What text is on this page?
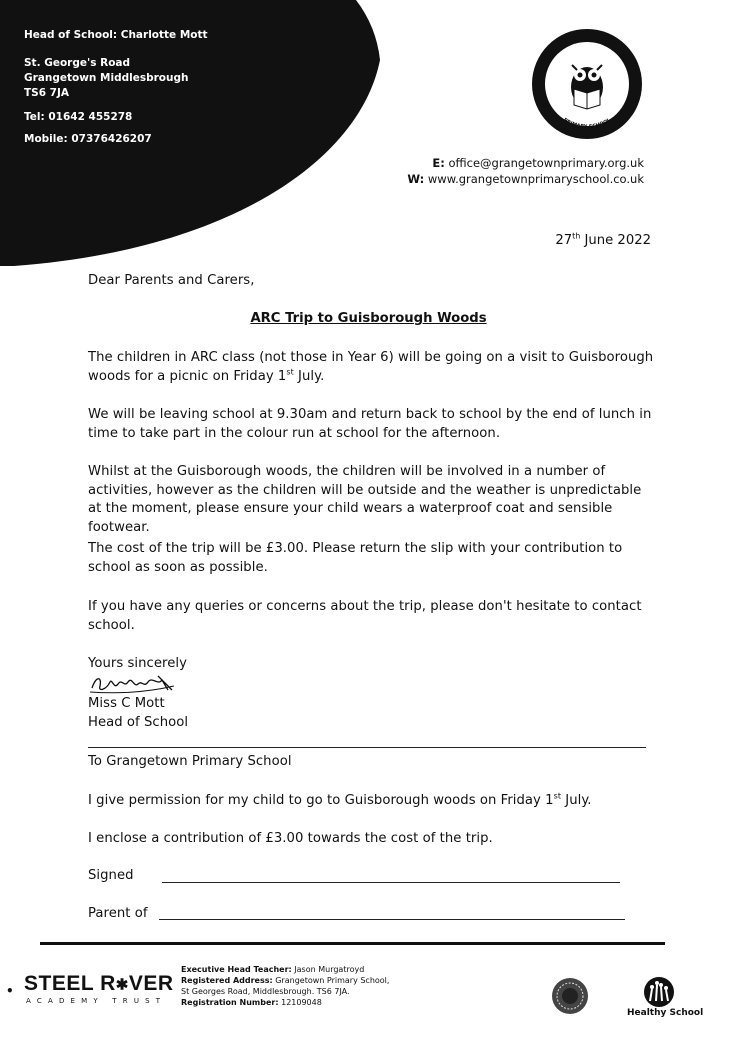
Head of School: Charlotte Mott
St. George's Road
Grangetown Middlesbrough
TS6 7JA
Tel: 01642 455278
Mobile: 07376426207
GRANGETOWN
PRIMARY SCHOOL
E: office@grangetownprimary.org.uk
W: www.grangetownprimaryschool.co.uk
27th June 2022
Dear Parents and Carers,
ARC Trip to Guisborough Woods
The children in ARC class (not those in Year 6) will be going on a visit to Guisborough woods for a picnic on Friday 1st July.
We will be leaving school at 9.30am and return back to school by the end of lunch in time to take part in the colour run at school for the afternoon.
Whilst at the Guisborough woods, the children will be involved in a number of activities, however as the children will be outside and the weather is unpredictable at the moment, please ensure your child wears a waterproof coat and sensible footwear.
The cost of the trip will be £3.00. Please return the slip with your contribution to school as soon as possible.
If you have any queries or concerns about the trip, please don't hesitate to contact school.
Yours sincerely
Miss C Mott
Head of School
To Grangetown Primary School
I give permission for my child to go to Guisborough woods on Friday 1st July.
I enclose a contribution of £3.00 towards the cost of the trip.
Signed
Parent of
• STEEL R✱VER
ACADEMY TRUST
Executive Head Teacher: Jason Murgatroyd
Registered Address: Grangetown Primary School,
St Georges Road, Middlesbrough. TS6 7JA.
Registration Number: 12109048
Healthy School
